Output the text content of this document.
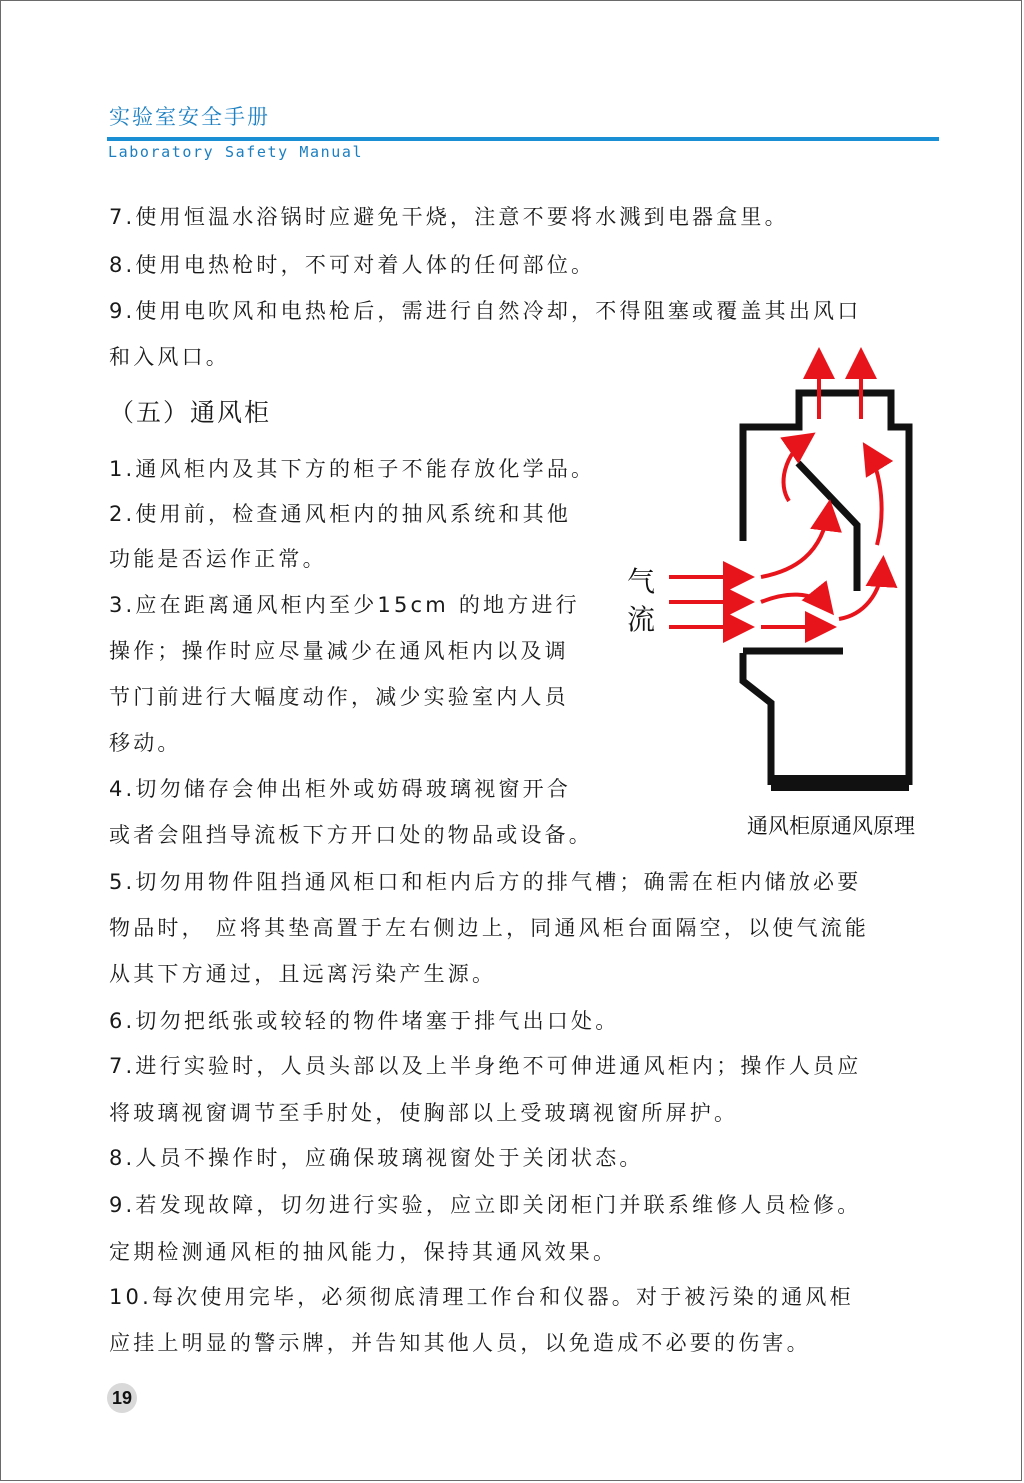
实验室安全手册
Laboratory Safety Manual
7.使用恒温水浴锅时应避免干烧，注意不要将水溅到电器盒里。
8.使用电热枪时，不可对着人体的任何部位。
9.使用电吹风和电热枪后，需进行自然冷却，不得阻塞或覆盖其出风口
和入风口。
（五）通风柜
1.通风柜内及其下方的柜子不能存放化学品。
2.使用前，检查通风柜内的抽风系统和其他
功能是否运作正常。
3.应在距离通风柜内至少15cm 的地方进行
操作；操作时应尽量减少在通风柜内以及调
节门前进行大幅度动作，减少实验室内人员
移动。
4.切勿储存会伸出柜外或妨碍玻璃视窗开合
或者会阻挡导流板下方开口处的物品或设备。
5.切勿用物件阻挡通风柜口和柜内后方的排气槽；确需在柜内储放必要
物品时， 应将其垫高置于左右侧边上，同通风柜台面隔空，以使气流能
从其下方通过，且远离污染产生源。
6.切勿把纸张或较轻的物件堵塞于排气出口处。
7.进行实验时，人员头部以及上半身绝不可伸进通风柜内；操作人员应
将玻璃视窗调节至手肘处，使胸部以上受玻璃视窗所屏护。
8.人员不操作时，应确保玻璃视窗处于关闭状态。
9.若发现故障，切勿进行实验，应立即关闭柜门并联系维修人员检修。
定期检测通风柜的抽风能力，保持其通风效果。
10.每次使用完毕，必须彻底清理工作台和仪器。对于被污染的通风柜
应挂上明显的警示牌，并告知其他人员，以免造成不必要的伤害。
气
流
通风柜原通风原理
19
